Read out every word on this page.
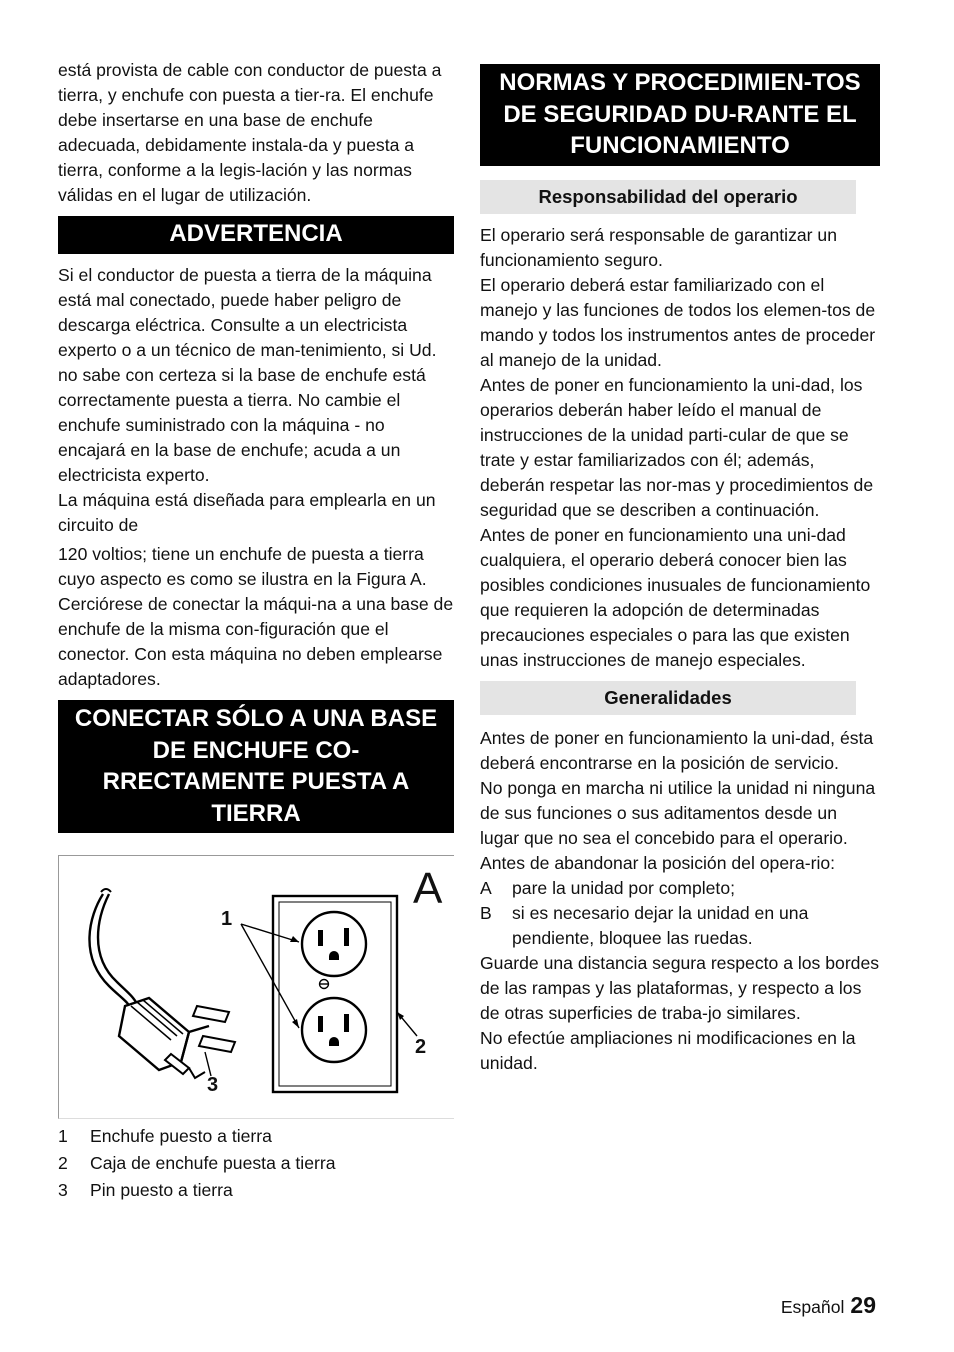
está provista de cable con conductor de puesta a tierra, y enchufe con puesta a tier-ra. El enchufe debe insertarse en una base de enchufe adecuada, debidamente instala-da y puesta a tierra, conforme a la legis-lación y las normas válidas en el lugar de utilización.

ADVERTENCIA

Si el conductor de puesta a tierra de la máquina está mal conectado, puede haber peligro de descarga eléctrica. Consulte a un electricista experto o a un técnico de man-tenimiento, si Ud. no sabe con certeza si la base de enchufe está correctamente puesta a tierra. No cambie el enchufe suministrado con la máquina - no encajará en la base de enchufe; acuda a un electricista experto.

La máquina está diseñada para emplearla en un circuito de

120 voltios; tiene un enchufe de puesta a tierra cuyo aspecto es como se ilustra en la Figura A. Cerciórese de conectar la máqui-na a una base de enchufe de la misma con-figuración que el conector. Con esta máquina no deben emplearse adaptadores.

CONECTAR SÓLO A UNA BASE DE ENCHUFE CO-RRECTAMENTE PUESTA A TIERRA
A
1
2
3
1	Enchufe puesto a tierra
2	Caja de enchufe puesta a tierra
3	Pin puesto a tierra
NORMAS Y PROCEDIMIEN-TOS DE SEGURIDAD DU-RANTE EL FUNCIONAMIENTO
Responsabilidad del operario

El operario será responsable de garantizar un funcionamiento seguro.

El operario deberá estar familiarizado con el manejo y las funciones de todos los elemen-tos de mando y todos los instrumentos antes de proceder al manejo de la unidad.

Antes de poner en funcionamiento la uni-dad, los operarios deberán haber leído el manual de instrucciones de la unidad parti-cular de que se trate y estar familiarizados con él; además, deberán respetar las nor-mas y procedimientos de seguridad que se describen a continuación.

Antes de poner en funcionamiento una uni-dad cualquiera, el operario deberá conocer bien las posibles condiciones inusuales de funcionamiento que requieren la adopción de determinadas precauciones especiales o para las que existen unas instrucciones de manejo especiales.

Generalidades

Antes de poner en funcionamiento la uni-dad, ésta deberá encontrarse en la posición de servicio.

No ponga en marcha ni utilice la unidad ni ninguna de sus funciones o sus aditamentos desde un lugar que no sea el concebido para el operario.

Antes de abandonar la posición del opera-rio:

A	pare la unidad por completo;
B	si es necesario dejar la unidad en una pendiente, bloquee las ruedas.

Guarde una distancia segura respecto a los bordes de las rampas y las plataformas, y respecto a los de otras superficies de traba-jo similares.

No efectúe ampliaciones ni modificaciones en la unidad.

Español 29
